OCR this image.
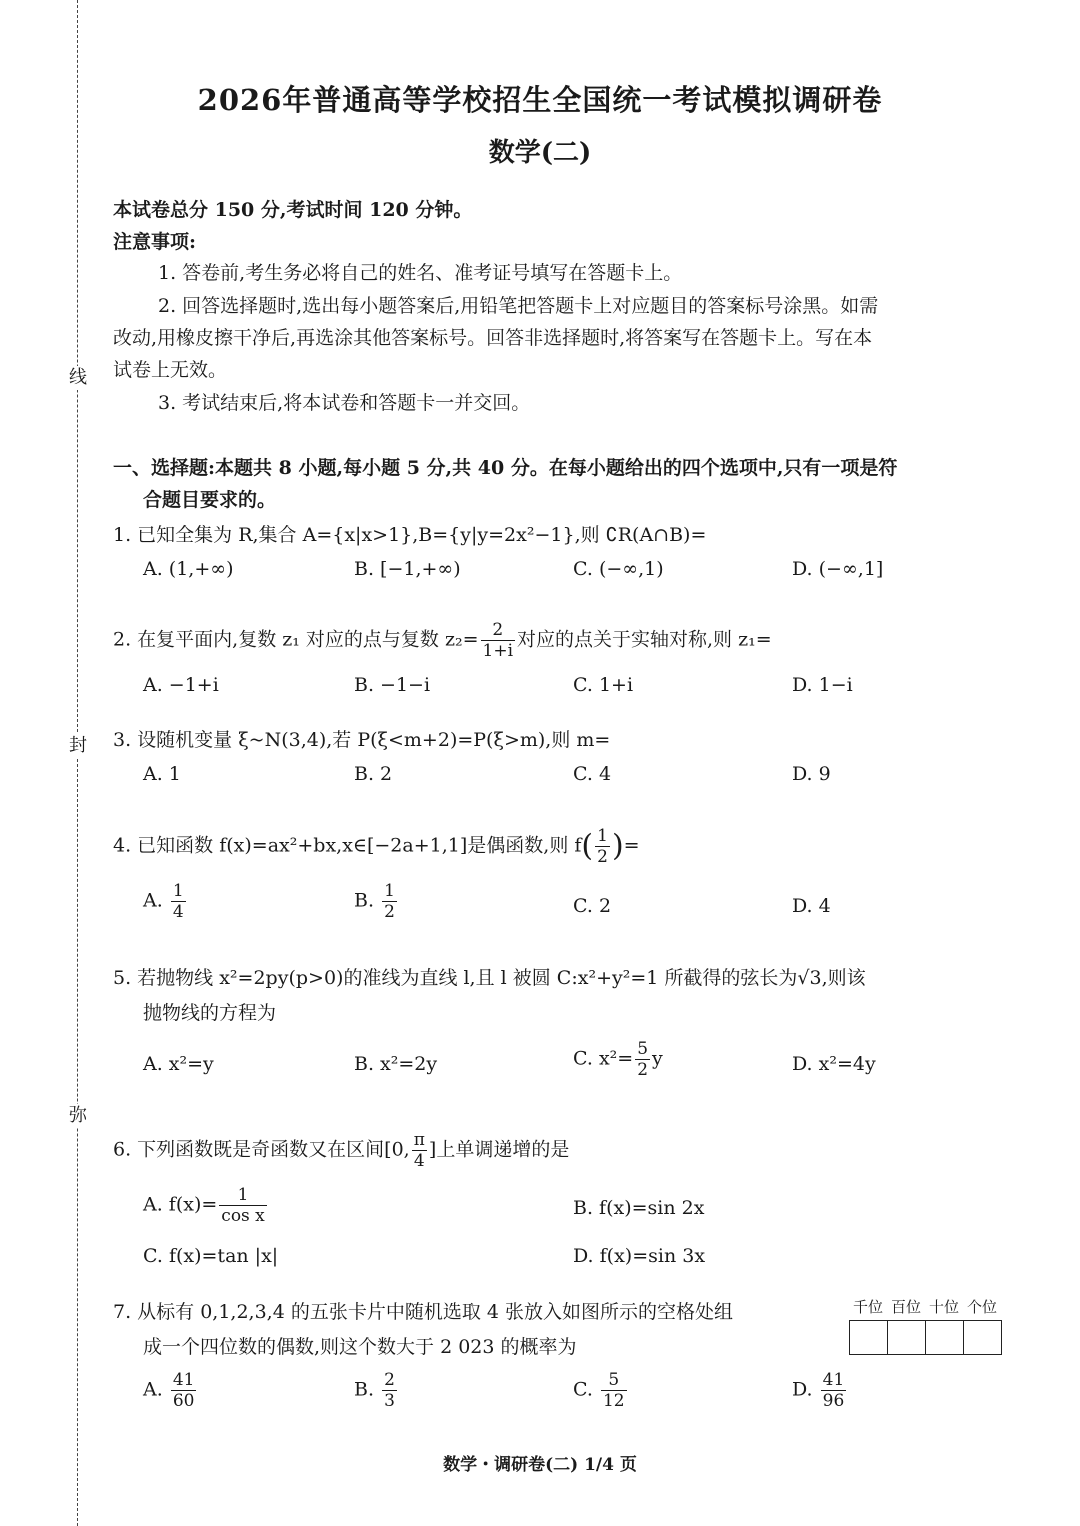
线
封
弥
2026年普通高等学校招生全国统一考试模拟调研卷
数学(二)
本试卷总分 150 分,考试时间 120 分钟。
注意事项:
1. 答卷前,考生务必将自己的姓名、准考证号填写在答题卡上。
2. 回答选择题时,选出每小题答案后,用铅笔把答题卡上对应题目的答案标号涂黑。如需
改动,用橡皮擦干净后,再选涂其他答案标号。回答非选择题时,将答案写在答题卡上。写在本
试卷上无效。
3. 考试结束后,将本试卷和答题卡一并交回。
一、选择题:本题共 8 小题,每小题 5 分,共 40 分。在每小题给出的四个选项中,只有一项是符
合题目要求的。
1. 已知全集为 R,集合 A={x|x>1},B={y|y=2x²−1},则 ∁R(A∩B)=
A. (1,+∞)	B. [−1,+∞)	C. (−∞,1)	D. (−∞,1]
2. 在复平面内,复数 z₁ 对应的点与复数 $z_2= \frac{2}{1+i}$ 对应的点关于实轴对称,则 z₁=
A. −1+i	B. −1−i	C. 1+i	D. 1−i
3. 设随机变量 ξ~N(3,4),若 P(ξ<m+2)=P(ξ>m),则 m=
A. 1	B. 2	C. 4	D. 9
4. 已知函数 f(x)=ax²+bx,x∈[−2a+1,1]是偶函数,则 $f( \frac{1}{2}$ )=
A. $\frac{1}{4}$	B. $\frac{1}{2}$	C. 2	D. 4
5. 若抛物线 x²=2py(p>0)的准线为直线 l,且 l 被圆 C:x²+y²=1 所截得的弦长为√3,则该
抛物线的方程为
A. x²=y	B. x²=2y	C. $x^2= \frac{5}{2}$ y	D. x²=4y
6. 下列函数既是奇函数又在区间[0, $\frac{\pi}{4}$ ]上单调递增的是
A. $f(x)= \frac{1}{\text{cos x}}$	B. f(x)=sin 2x
C. f(x)=tan |x|	D. f(x)=sin 3x
7. 从标有 0,1,2,3,4 的五张卡片中随机选取 4 张放入如图所示的空格处组
成一个四位数的偶数,则这个数大于 2 023 的概率为
千位 百位 十位 个位

A. $\frac{41}{60}$	B. $\frac{2}{3}$	C. $\frac{5}{12}$	D. $\frac{41}{96}$
数学・调研卷(二) 1/4 页
